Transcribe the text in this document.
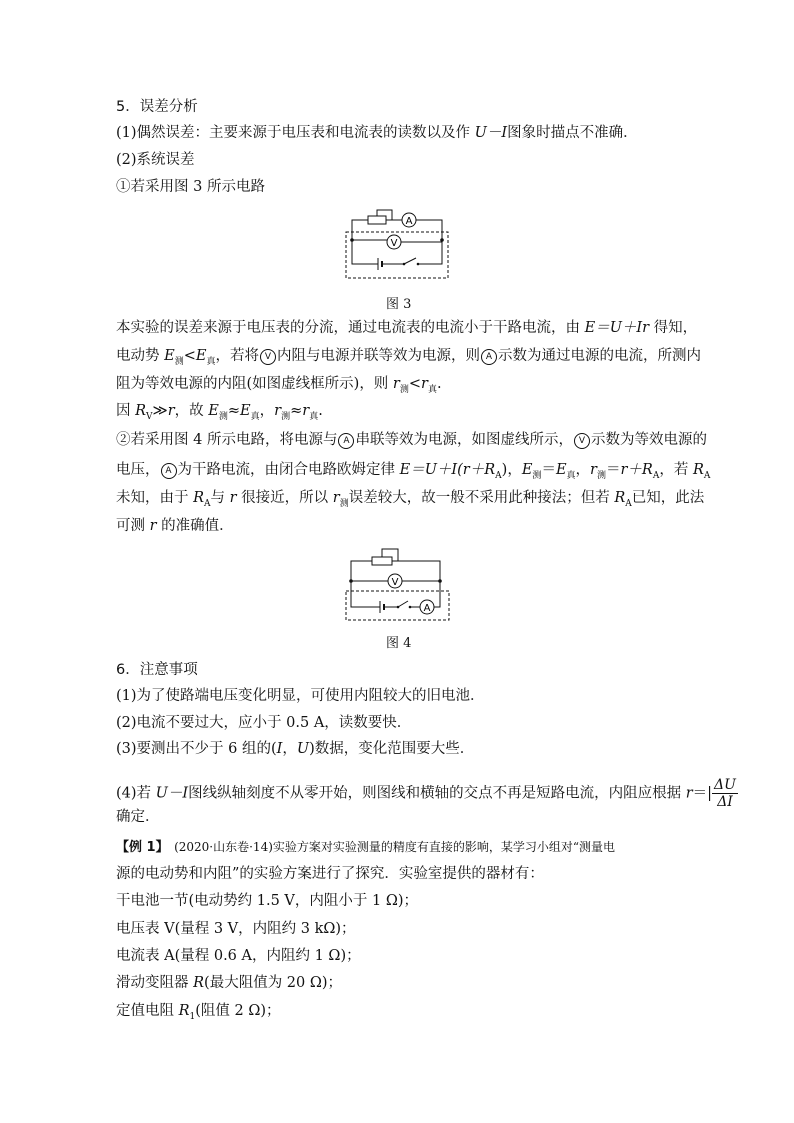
5．误差分析
(1)偶然误差：主要来源于电压表和电流表的读数以及作 U－I图象时描点不准确．
(2)系统误差
①若采用图 3 所示电路
A
V
图 3
本实验的误差来源于电压表的分流，通过电流表的电流小于干路电流，由 E＝U＋Ir 得知，
电动势 $E_测<E_真$，若将 V 内阻与电源并联等效为电源，则 A 示数为通过电源的电流，所测内
阻为等效电源的内阻(如图虚线框所示)，则 $r_测<r_真$.
因 $R_V≫r$，故 $E_测\approx E_真$，$r_测\approx r_真$.
②若采用图 4 所示电路，将电源与 A 串联等效为电源，如图虚线所示， V 示数为等效电源的
电压， A 为干路电流，由闭合电路欧姆定律 $E=U+I(r+R_A)$，$E_测=E_真$，$r_测=r+R_A$，若 $R_A$
未知，由于 $R_A$与 r 很接近，所以 $r_测$误差较大，故一般不采用此种接法；但若 $R_A$已知，此法
可测 r 的准确值．
V
A
图 4
6．注意事项
(1)为了使路端电压变化明显，可使用内阻较大的旧电池．
(2)电流不要过大，应小于 0.5 A，读数要快．
(3)要测出不少于 6 组的(I，U)数据，变化范围要大些．
(4)若 U－I图线纵轴刻度不从零开始，则图线和横轴的交点不再是短路电流，内阻应根据 $r=| \frac{\Delta U}{\Delta I}$
确定．
【例 1】　(2020·山东卷·14)实验方案对实验测量的精度有直接的影响，某学习小组对“测量电
源的电动势和内阻”的实验方案进行了探究．实验室提供的器材有：
干电池一节(电动势约 1.5 V，内阻小于 1 Ω)；
电压表 V(量程 3 V，内阻约 3 kΩ)；
电流表 A(量程 0.6 A，内阻约 1 Ω)；
滑动变阻器 R(最大阻值为 20 Ω)；
定值电阻 $R_1$(阻值 2 Ω)；
